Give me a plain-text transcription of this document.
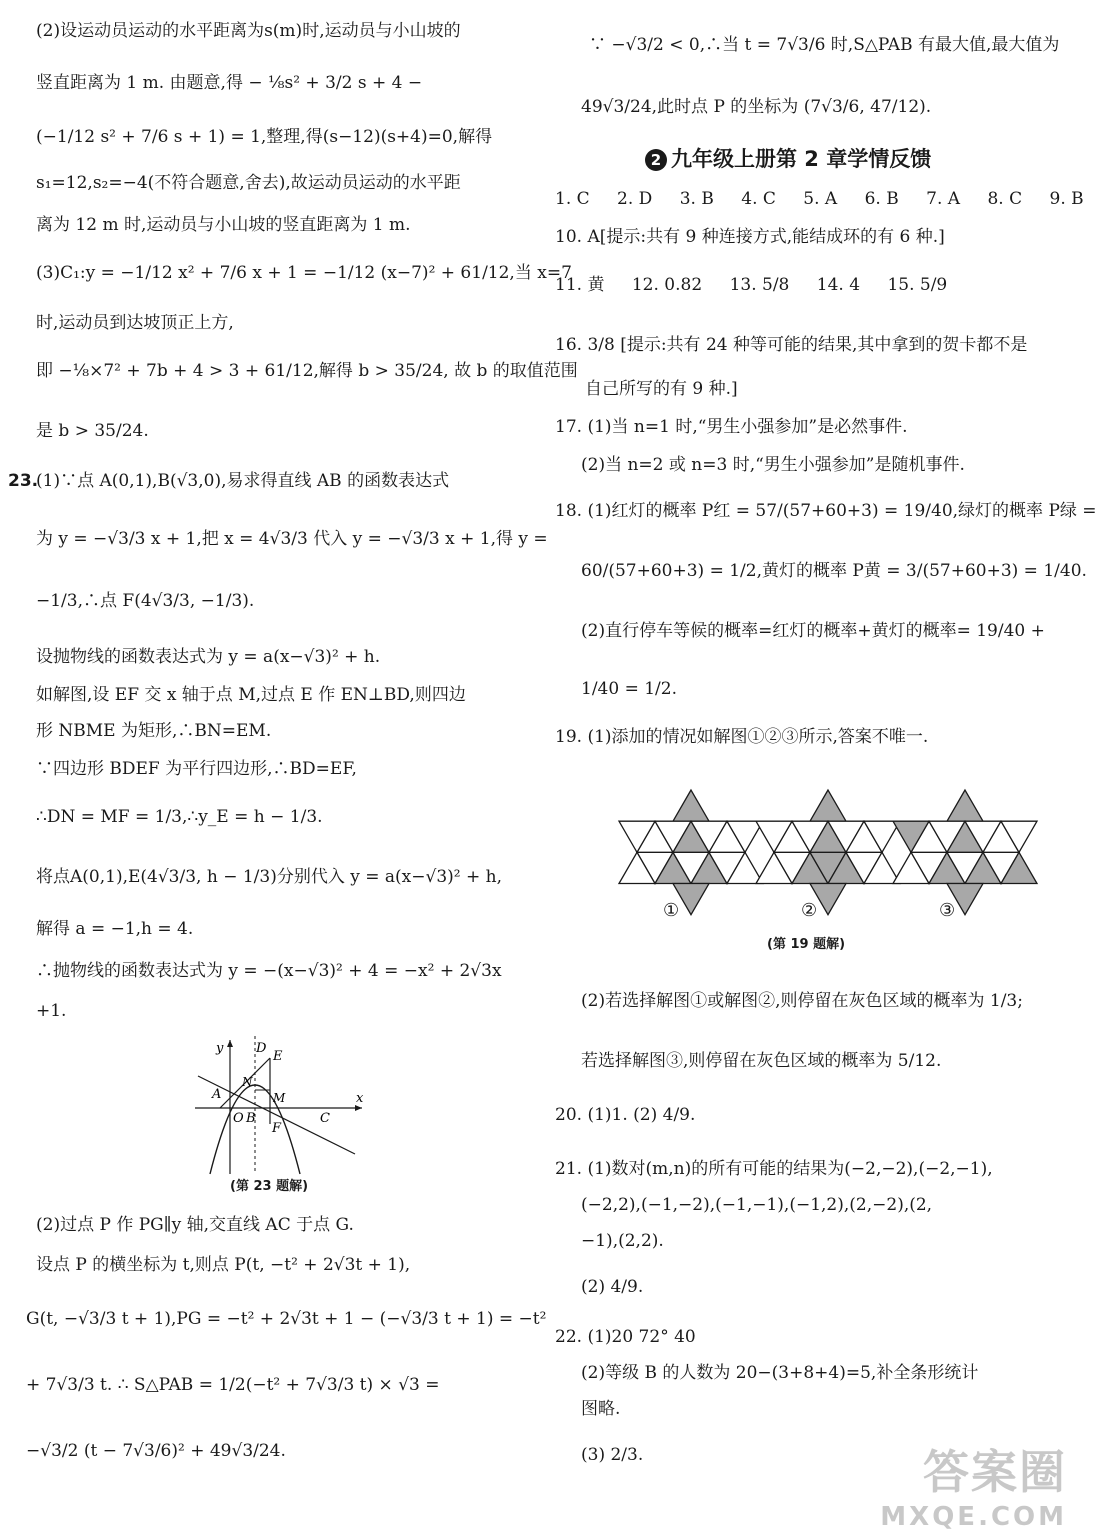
(2)设运动员运动的水平距离为s(m)时,运动员与小山坡的
竖直距离为 1 m. 由题意,得 − ⅛s² + 3/2 s + 4 −
(−1/12 s² + 7/6 s + 1) = 1,整理,得(s−12)(s+4)=0,解得
s₁=12,s₂=−4(不符合题意,舍去),故运动员运动的水平距
离为 12 m 时,运动员与小山坡的竖直距离为 1 m.
(3)C₁:y = −1/12 x² + 7/6 x + 1 = −1/12 (x−7)² + 61/12,当 x=7
时,运动员到达坡顶正上方,
即 −⅛×7² + 7b + 4 > 3 + 61/12,解得 b > 35/24, 故 b 的取值范围
是 b > 35/24.
23.
(1)∵点 A(0,1),B(√3,0),易求得直线 AB 的函数表达式
为 y = −√3/3 x + 1,把 x = 4√3/3 代入 y = −√3/3 x + 1,得 y =
−1/3,∴点 F(4√3/3, −1/3).
设抛物线的函数表达式为 y = a(x−√3)² + h.
如解图,设 EF 交 x 轴于点 M,过点 E 作 EN⊥BD,则四边
形 NBME 为矩形,∴BN=EM.
∵四边形 BDEF 为平行四边形,∴BD=EF,
∴DN = MF = 1/3,∴y_E = h − 1/3.
将点A(0,1),E(4√3/3, h − 1/3)分别代入 y = a(x−√3)² + h,
解得 a = −1,h = 4.
∴抛物线的函数表达式为 y = −(x−√3)² + 4 = −x² + 2√3x
+1.
y
x
O
A
B	C
D
E
F
M
N
(第 23 题解)
(2)过点 P 作 PG∥y 轴,交直线 AC 于点 G.
设点 P 的横坐标为 t,则点 P(t, −t² + 2√3t + 1),
G(t, −√3/3 t + 1),PG = −t² + 2√3t + 1 − (−√3/3 t + 1) = −t²
+ 7√3/3 t. ∴ S△PAB = 1/2(−t² + 7√3/3 t) × √3 =
−√3/2 (t − 7√3/6)² + 49√3/24.
∵ −√3/2 < 0,∴当 t = 7√3/6 时,S△PAB 有最大值,最大值为
49√3/24,此时点 P 的坐标为 (7√3/6, 47/12).
2 九年级上册第 2 章学情反馈
1. C 2. D 3. B 4. C 5. A 6. B 7. A 8. C 9. B
10. A[提示:共有 9 种连接方式,能结成环的有 6 种.]
11. 黄 12. 0.82 13. 5/8 14. 4 15. 5/9
16. 3/8 [提示:共有 24 种等可能的结果,其中拿到的贺卡都不是
自己所写的有 9 种.]
17. (1)当 n=1 时,“男生小强参加”是必然事件.
(2)当 n=2 或 n=3 时,“男生小强参加”是随机事件.
18. (1)红灯的概率 P红 = 57/(57+60+3) = 19/40,绿灯的概率 P绿 =
60/(57+60+3) = 1/2,黄灯的概率 P黄 = 3/(57+60+3) = 1/40.
(2)直行停车等候的概率=红灯的概率+黄灯的概率= 19/40 +
1/40 = 1/2.
19. (1)添加的情况如解图①②③所示,答案不唯一.
①	②	③
(第 19 题解)
(2)若选择解图①或解图②,则停留在灰色区域的概率为 1/3;
若选择解图③,则停留在灰色区域的概率为 5/12.
20. (1)1. (2) 4/9.
21. (1)数对(m,n)的所有可能的结果为(−2,−2),(−2,−1),
(−2,2),(−1,−2),(−1,−1),(−1,2),(2,−2),(2,
−1),(2,2).
(2) 4/9.
22. (1)20 72° 40
(2)等级 B 的人数为 20−(3+8+4)=5,补全条形统计
图略.
(3) 2/3.	答案圈
MXQE.COM
